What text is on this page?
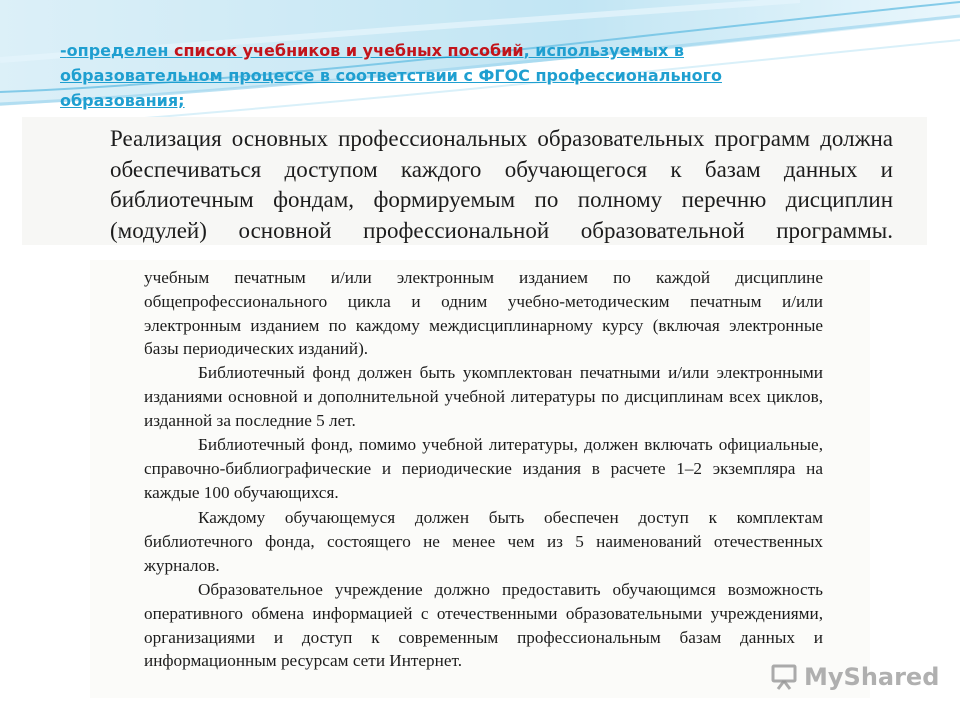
-определен список учебников и учебных пособий, используемых в образовательном процессе в соответствии с ФГОС профессионального образования;
Реализация основных профессиональных образовательных программ должна обеспечиваться доступом каждого обучающегося к базам данных и библиотечным фондам, формируемым по полному перечню дисциплин (модулей) основной профессиональной образовательной программы.

учебным печатным и/или электронным изданием по каждой дисциплине общепрофессионального цикла и одним учебно-методическим печатным и/или электронным изданием по каждому междисциплинарному курсу (включая электронные базы периодических изданий).

Библиотечный фонд должен быть укомплектован печатными и/или электронными изданиями основной и дополнительной учебной литературы по дисциплинам всех циклов, изданной за последние 5 лет.

Библиотечный фонд, помимо учебной литературы, должен включать официальные, справочно-библиографические и периодические издания в расчете 1–2 экземпляра на каждые 100 обучающихся.

Каждому обучающемуся должен быть обеспечен доступ к комплектам библиотечного фонда, состоящего не менее чем из 5 наименований отечественных журналов.

Образовательное учреждение должно предоставить обучающимся возможность оперативного обмена информацией с отечественными образовательными учреждениями, организациями и доступ к современным профессиональным базам данных и информационным ресурсам сети Интернет.

MyShared
